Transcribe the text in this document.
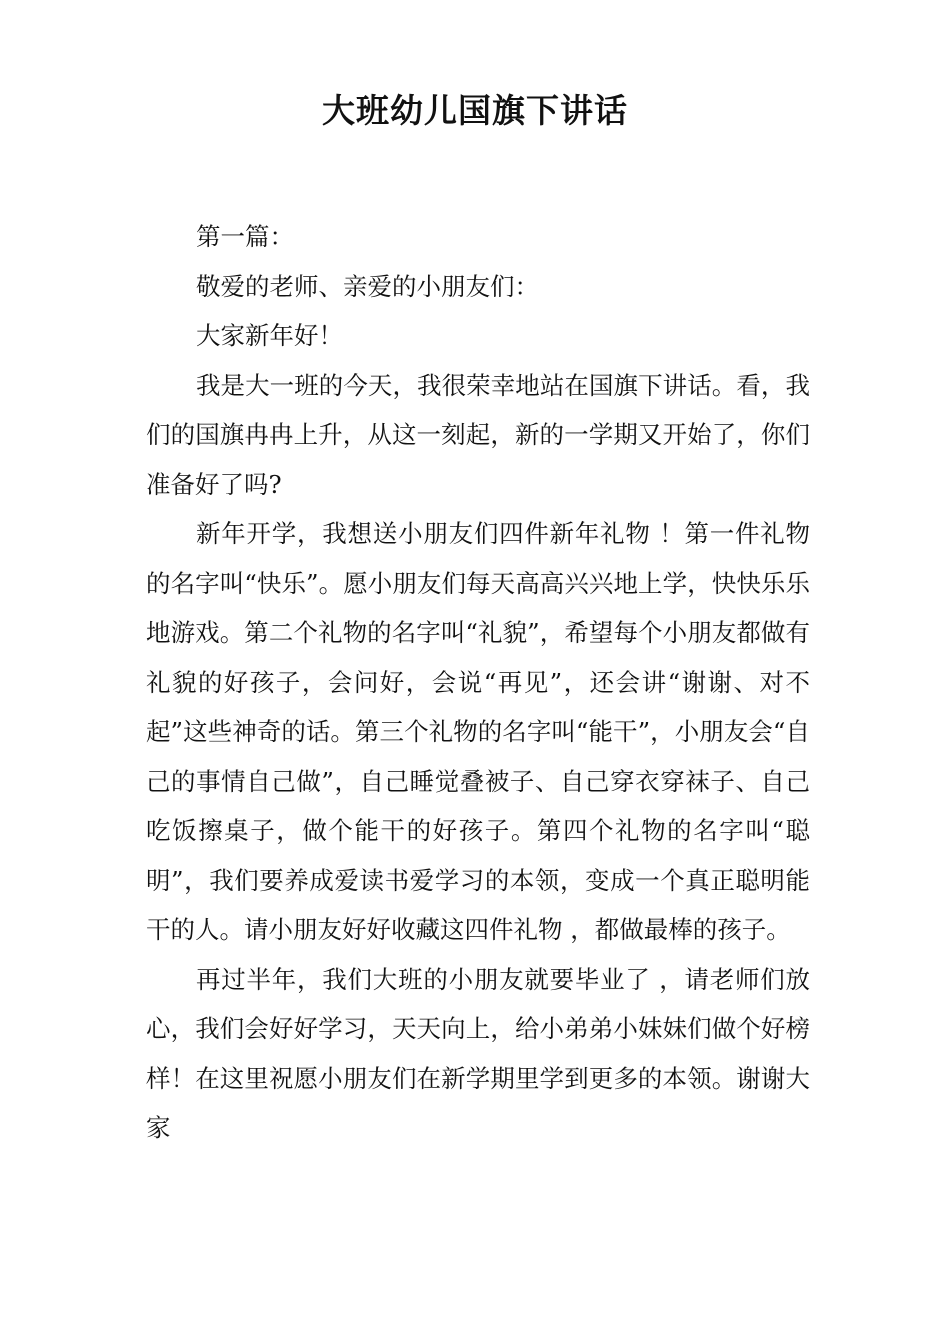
大班幼儿国旗下讲话

第一篇：

敬爱的老师、亲爱的小朋友们：

大家新年好！

我是大一班的今天，我很荣幸地站在国旗下讲话。看，我们的国旗冉冉上升，从这一刻起，新的一学期又开始了，你们准备好了吗?

新年开学，我想送小朋友们四件新年礼物 ！第一件礼物的名字叫“快乐”。愿小朋友们每天高高兴兴地上学，快快乐乐地游戏。第二个礼物的名字叫“礼貌”，希望每个小朋友都做有礼貌的好孩子，会问好，会说“再见”，还会讲“谢谢、对不起”这些神奇的话。第三个礼物的名字叫“能干”，小朋友会“自己的事情自己做”，自己睡觉叠被子、自己穿衣穿袜子、自己吃饭擦桌子，做个能干的好孩子。第四个礼物的名字叫“聪明”，我们要养成爱读书爱学习的本领，变成一个真正聪明能干的人。请小朋友好好收藏这四件礼物 ，都做最棒的孩子。

再过半年，我们大班的小朋友就要毕业了 ，请老师们放心，我们会好好学习，天天向上，给小弟弟小妹妹们做个好榜样！在这里祝愿小朋友们在新学期里学到更多的本领。谢谢大家
